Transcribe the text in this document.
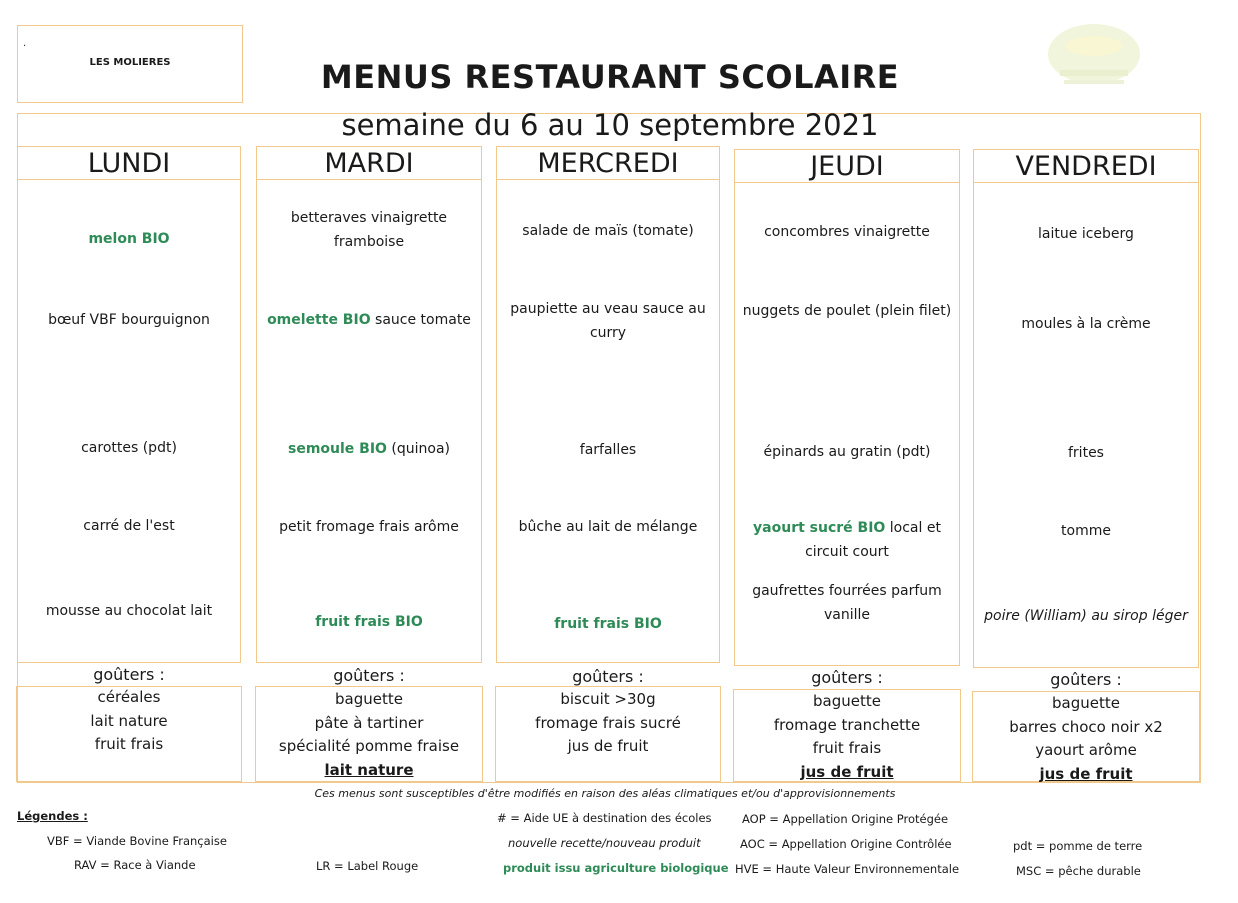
.
LES MOLIERES	MENUS RESTAURANT SCOLAIRE
semaine du 6 au 10 septembre 2021
LUNDI
melon BIO
bœuf VBF bourguignon
carottes (pdt)
carré de l'est
mousse au chocolat lait
goûters :
céréales
lait nature
fruit frais
MARDI
betteraves vinaigrette framboise
omelette BIO sauce tomate
semoule BIO (quinoa)
petit fromage frais arôme
fruit frais BIO
goûters :
baguette
pâte à tartiner
spécialité pomme fraise
lait nature
MERCREDI
salade de maïs (tomate)
paupiette au veau sauce au curry
farfalles
bûche au lait de mélange
fruit frais BIO
goûters :
biscuit >30g
fromage frais sucré
jus de fruit
JEUDI
concombres vinaigrette
nuggets de poulet (plein filet)
épinards au gratin (pdt)
yaourt sucré BIO local et circuit court
gaufrettes fourrées parfum vanille
goûters :
baguette
fromage tranchette
fruit frais
jus de fruit
VENDREDI
laitue iceberg
moules à la crème
frites
tomme
poire (William) au sirop léger
goûters :
baguette
barres choco noir x2
yaourt arôme
jus de fruit
Ces menus sont susceptibles d'être modifiés en raison des aléas climatiques et/ou d'approvisionnements
Légendes :
VBF = Viande Bovine Française
RAV = Race à Viande	LR = Label Rouge
# = Aide UE à destination des écoles
nouvelle recette/nouveau produit
produit issu agriculture biologique
AOP = Appellation Origine Protégée
AOC = Appellation Origine Contrôlée
HVE = Haute Valeur Environnementale
pdt = pomme de terre
MSC = pêche durable
